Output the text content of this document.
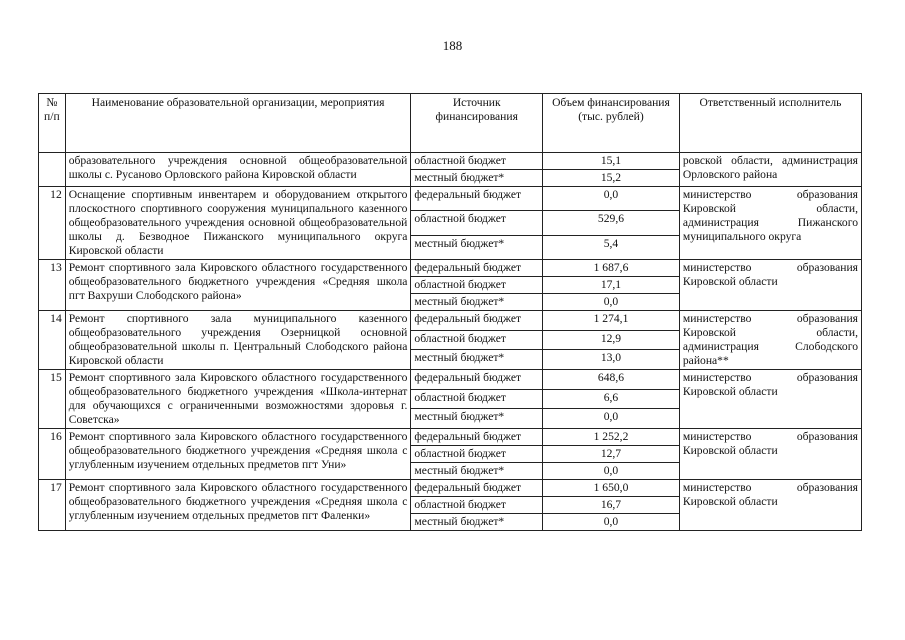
188
№ п/п	Наименование образовательной организации, мероприятия	Источник финансирования	Объем финансирования (тыс. рублей)	Ответственный исполнитель
	образовательного учреждения основной общеобразовательной школы с. Русаново Орловского района Кировской области	областной бюджет	15,1	ровской области, администрация Орловского района
		местный бюджет*	15,2	
12	Оснащение спортивным инвентарем и оборудованием открытого плоскостного спортивного сооружения муниципального казенного общеобразовательного учреждения основной общеобразовательной школы д. Безводное Пижанского муниципального округа Кировской области	федеральный бюджет	0,0	министерство образования Кировской области, администрация Пижанского муниципального округа
		областной бюджет	529,6	
		местный бюджет*	5,4	
13	Ремонт спортивного зала Кировского областного государственного общеобразовательного бюджетного учреждения «Средняя школа пгт Вахруши Слободского района»	федеральный бюджет	1 687,6	министерство образования Кировской области
		областной бюджет	17,1	
		местный бюджет*	0,0	
14	Ремонт спортивного зала муниципального казенного общеобразовательного учреждения Озерницкой основной общеобразовательной школы п. Центральный Слободского района Кировской области	федеральный бюджет	1 274,1	министерство образования Кировской области, администрация Слободского района**
		областной бюджет	12,9	
		местный бюджет*	13,0	
15	Ремонт спортивного зала Кировского областного государственного общеобразовательного бюджетного учреждения «Школа-интернат для обучающихся с ограниченными возможностями здоровья г. Советска»	федеральный бюджет	648,6	министерство образования Кировской области
		областной бюджет	6,6	
		местный бюджет*	0,0	
16	Ремонт спортивного зала Кировского областного государственного общеобразовательного бюджетного учреждения «Средняя школа с углубленным изучением отдельных предметов пгт Уни»	федеральный бюджет	1 252,2	министерство образования Кировской области
		областной бюджет	12,7	
		местный бюджет*	0,0	
17	Ремонт спортивного зала Кировского областного государственного общеобразовательного бюджетного учреждения «Средняя школа с углубленным изучением отдельных предметов пгт Фаленки»	федеральный бюджет	1 650,0	министерство образования Кировской области
		областной бюджет	16,7	
		местный бюджет*	0,0	
